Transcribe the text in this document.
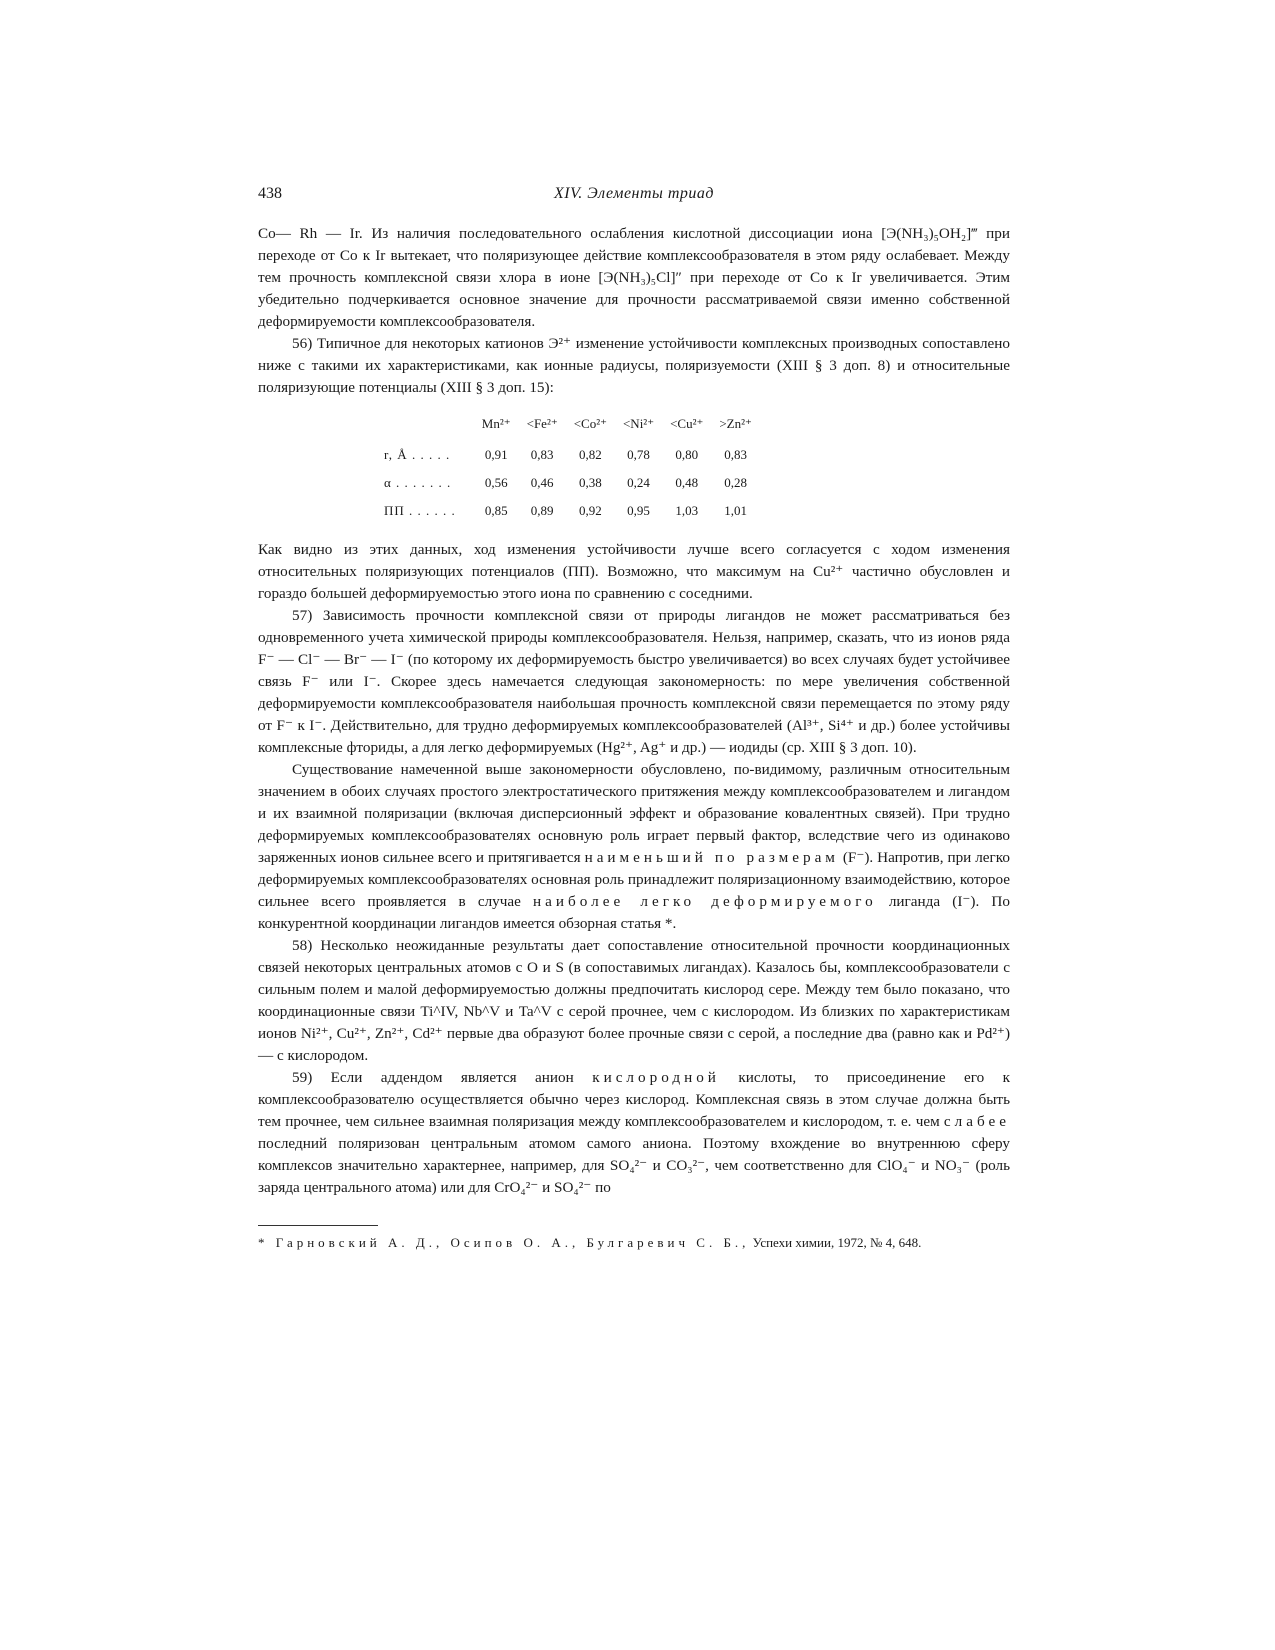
438	XIV. Элементы триад

Co— Rh — Ir. Из наличия последовательного ослабления кислотной диссоциации иона [Э(NH₃)₅OH₂]‴ при переходе от Co к Ir вытекает, что поляризующее действие комплексообразователя в этом ряду ослабевает. Между тем прочность комплексной связи хлора в ионе [Э(NH₃)₅Cl]″ при переходе от Co к Ir увеличивается. Этим убедительно подчеркивается основное значение для прочности рассматриваемой связи именно собственной деформируемости комплексообразователя.

56) Типичное для некоторых катионов Э²⁺ изменение устойчивости комплексных производных сопоставлено ниже с такими их характеристиками, как ионные радиусы, поляризуемости (XIII § 3 доп. 8) и относительные поляризующие потенциалы (XIII § 3 доп. 15):

	Mn²⁺	<Fe²⁺	<Co²⁺	<Ni²⁺	<Cu²⁺	>Zn²⁺
r, Å . . . . .	0,91	0,83	0,82	0,78	0,80	0,83
α . . . . . . .	0,56	0,46	0,38	0,24	0,48	0,28
ПП . . . . . .	0,85	0,89	0,92	0,95	1,03	1,01

Как видно из этих данных, ход изменения устойчивости лучше всего согласуется с ходом изменения относительных поляризующих потенциалов (ПП). Возможно, что максимум на Cu²⁺ частично обусловлен и гораздо большей деформируемостью этого иона по сравнению с соседними.

57) Зависимость прочности комплексной связи от природы лигандов не может рассматриваться без одновременного учета химической природы комплексообразователя. Нельзя, например, сказать, что из ионов ряда F⁻ — Cl⁻ — Br⁻ — I⁻ (по которому их деформируемость быстро увеличивается) во всех случаях будет устойчивее связь F⁻ или I⁻. Скорее здесь намечается следующая закономерность: по мере увеличения собственной деформируемости комплексообразователя наибольшая прочность комплексной связи перемещается по этому ряду от F⁻ к I⁻. Действительно, для трудно деформируемых комплексообразователей (Al³⁺, Si⁴⁺ и др.) более устойчивы комплексные фториды, а для легко деформируемых (Hg²⁺, Ag⁺ и др.) — иодиды (ср. XIII § 3 доп. 10).

Существование намеченной выше закономерности обусловлено, по-видимому, различным относительным значением в обоих случаях простого электростатического притяжения между комплексообразователем и лигандом и их взаимной поляризации (включая дисперсионный эффект и образование ковалентных связей). При трудно деформируемых комплексообразователях основную роль играет первый фактор, вследствие чего из одинаково заряженных ионов сильнее всего и притягивается наименьший по размерам (F⁻). Напротив, при легко деформируемых комплексообразователях основная роль принадлежит поляризационному взаимодействию, которое сильнее всего проявляется в случае наиболее легко деформируемого лиганда (I⁻). По конкурентной координации лигандов имеется обзорная статья *.

58) Несколько неожиданные результаты дает сопоставление относительной прочности координационных связей некоторых центральных атомов с O и S (в сопоставимых лигандах). Казалось бы, комплексообразователи с сильным полем и малой деформируемостью должны предпочитать кислород сере. Между тем было показано, что координационные связи Ti^IV, Nb^V и Ta^V с серой прочнее, чем с кислородом. Из близких по характеристикам ионов Ni²⁺, Cu²⁺, Zn²⁺, Cd²⁺ первые два образуют более прочные связи с серой, а последние два (равно как и Pd²⁺) — с кислородом.

59) Если аддендом является анион кислородной кислоты, то присоединение его к комплексообразователю осуществляется обычно через кислород. Комплексная связь в этом случае должна быть тем прочнее, чем сильнее взаимная поляризация между комплексообразователем и кислородом, т. е. чем слабее последний поляризован центральным атомом самого аниона. Поэтому вхождение во внутреннюю сферу комплексов значительно характернее, например, для SO₄²⁻ и CO₃²⁻, чем соответственно для ClO₄⁻ и NO₃⁻ (роль заряда центрального атома) или для CrO₄²⁻ и SO₄²⁻ по

* Гарновский А. Д., Осипов О. А., Булгаревич С. Б., Успехи химии, 1972, № 4, 648.
